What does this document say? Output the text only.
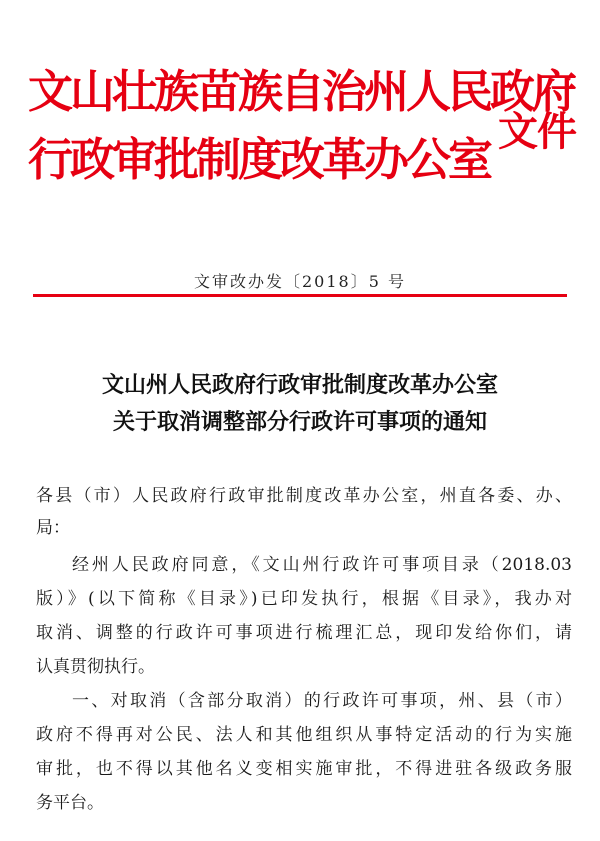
文山壮族苗族自治州人民政府
行政审批制度改革办公室
文件
文审改办发〔2018〕5 号
文山州人民政府行政审批制度改革办公室
关于取消调整部分行政许可事项的通知
各县（市）人民政府行政审批制度改革办公室，州直各委、办、
局：
经州人民政府同意，《文山州行政许可事项目录（2018.03
版）》(以下简称《目录》)已印发执行，根据《目录》，我办对
取消、调整的行政许可事项进行梳理汇总，现印发给你们，请
认真贯彻执行。
一、对取消（含部分取消）的行政许可事项，州、县（市）
政府不得再对公民、法人和其他组织从事特定活动的行为实施
审批，也不得以其他名义变相实施审批，不得进驻各级政务服
务平台。
